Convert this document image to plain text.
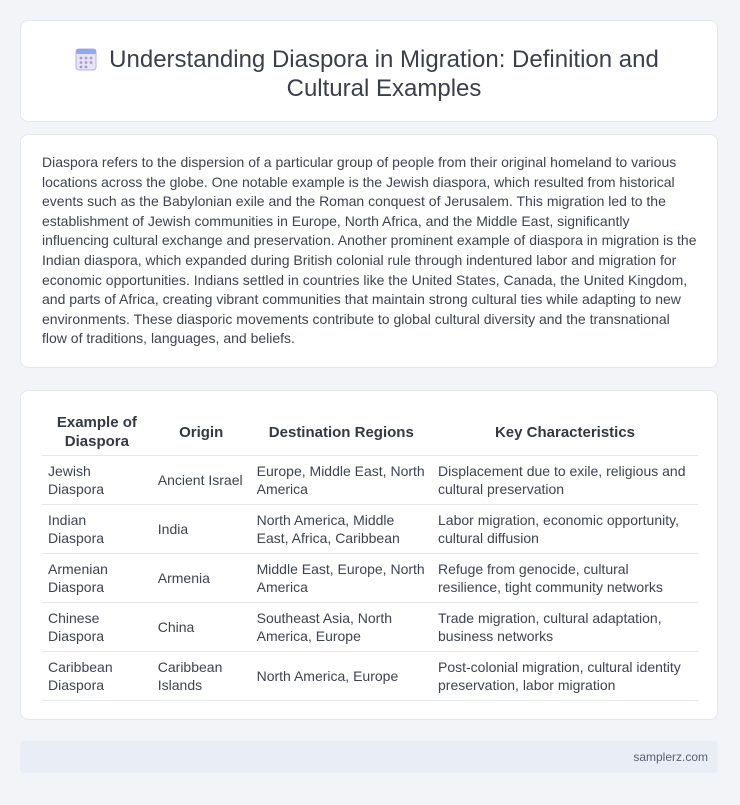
Understanding Diaspora in Migration: Definition and Cultural Examples

Diaspora refers to the dispersion of a particular group of people from their original homeland to various locations across the globe. One notable example is the Jewish diaspora, which resulted from historical events such as the Babylonian exile and the Roman conquest of Jerusalem. This migration led to the establishment of Jewish communities in Europe, North Africa, and the Middle East, significantly influencing cultural exchange and preservation. Another prominent example of diaspora in migration is the Indian diaspora, which expanded during British colonial rule through indentured labor and migration for economic opportunities. Indians settled in countries like the United States, Canada, the United Kingdom, and parts of Africa, creating vibrant communities that maintain strong cultural ties while adapting to new environments. These diasporic movements contribute to global cultural diversity and the transnational flow of traditions, languages, and beliefs.

Example of Diaspora	Origin	Destination Regions	Key Characteristics
Jewish Diaspora	Ancient Israel	Europe, Middle East, North America	Displacement due to exile, religious and cultural preservation
Indian Diaspora	India	North America, Middle East, Africa, Caribbean	Labor migration, economic opportunity, cultural diffusion
Armenian Diaspora	Armenia	Middle East, Europe, North America	Refuge from genocide, cultural resilience, tight community networks
Chinese Diaspora	China	Southeast Asia, North America, Europe	Trade migration, cultural adaptation, business networks
Caribbean Diaspora	Caribbean Islands	North America, Europe	Post-colonial migration, cultural identity preservation, labor migration
samplerz.com
